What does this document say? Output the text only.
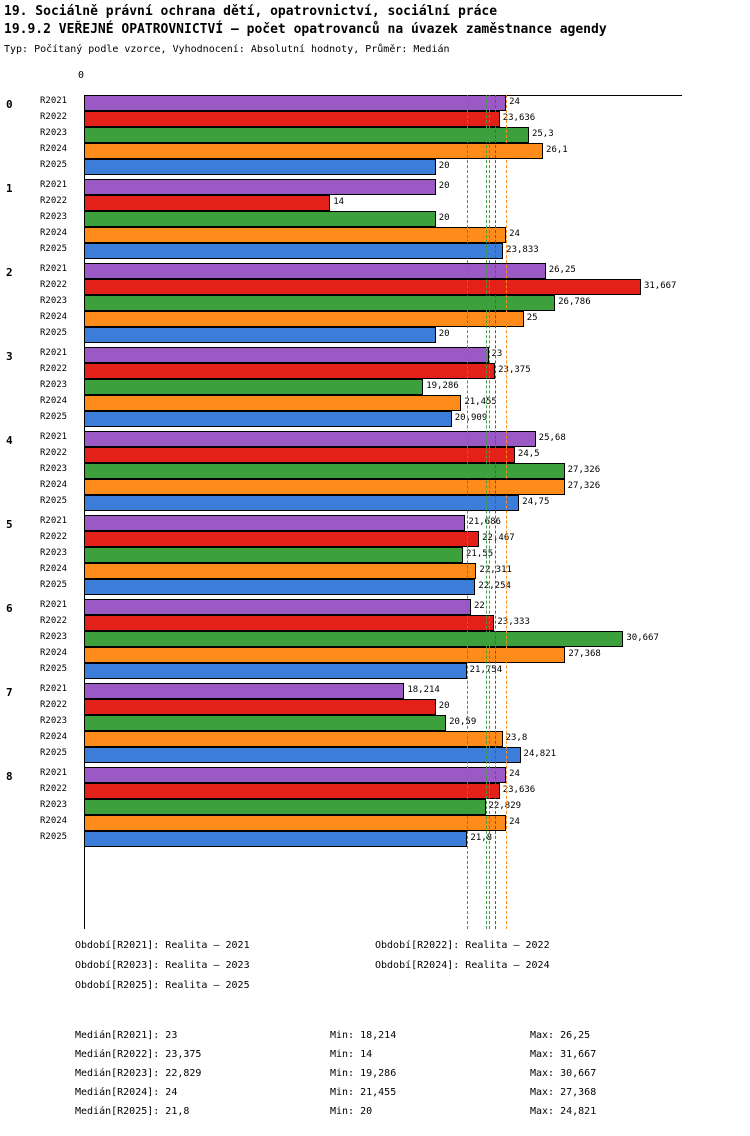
19. Sociálně právní ochrana dětí, opatrovnictví, sociální práce
19.9.2 VEŘEJNÉ OPATROVNICTVÍ – počet opatrovanců na úvazek zaměstnance agendy
Typ: Počítaný podle vzorce, Vyhodnocení: Absolutní hodnoty, Průměr: Medián
0
0	R2021	24
R2022	23,636
R2023	25,3
R2024	26,1
R2025	20
1	R2021	20
R2022	14
R2023	20
R2024	24
R2025	23,833
2	R2021	26,25
R2022	31,667
R2023	26,786
R2024	25
R2025	20
3	R2021	23
R2022	23,375
R2023	19,286
R2024	21,455
R2025	20,909
4	R2021	25,68
R2022	24,5
R2023	27,326
R2024	27,326
R2025	24,75
5	R2021	21,686
R2022	22,467
R2023	21,55
R2024	22,311
R2025	22,254
6	R2021	22
R2022	23,333
R2023	30,667
R2024	27,368
R2025	21,754
7	R2021	18,214
R2022	20
R2023	20,59
R2024	23,8
R2025	24,821
8	R2021	24
R2022	23,636
R2023	22,829
R2024	24
R2025	21,8
Období[R2021]: Realita – 2021	Období[R2022]: Realita – 2022
Období[R2023]: Realita – 2023	Období[R2024]: Realita – 2024
Období[R2025]: Realita – 2025
Medián[R2021]: 23	Min: 18,214	Max: 26,25
Medián[R2022]: 23,375	Min: 14	Max: 31,667
Medián[R2023]: 22,829	Min: 19,286	Max: 30,667
Medián[R2024]: 24	Min: 21,455	Max: 27,368
Medián[R2025]: 21,8	Min: 20	Max: 24,821
